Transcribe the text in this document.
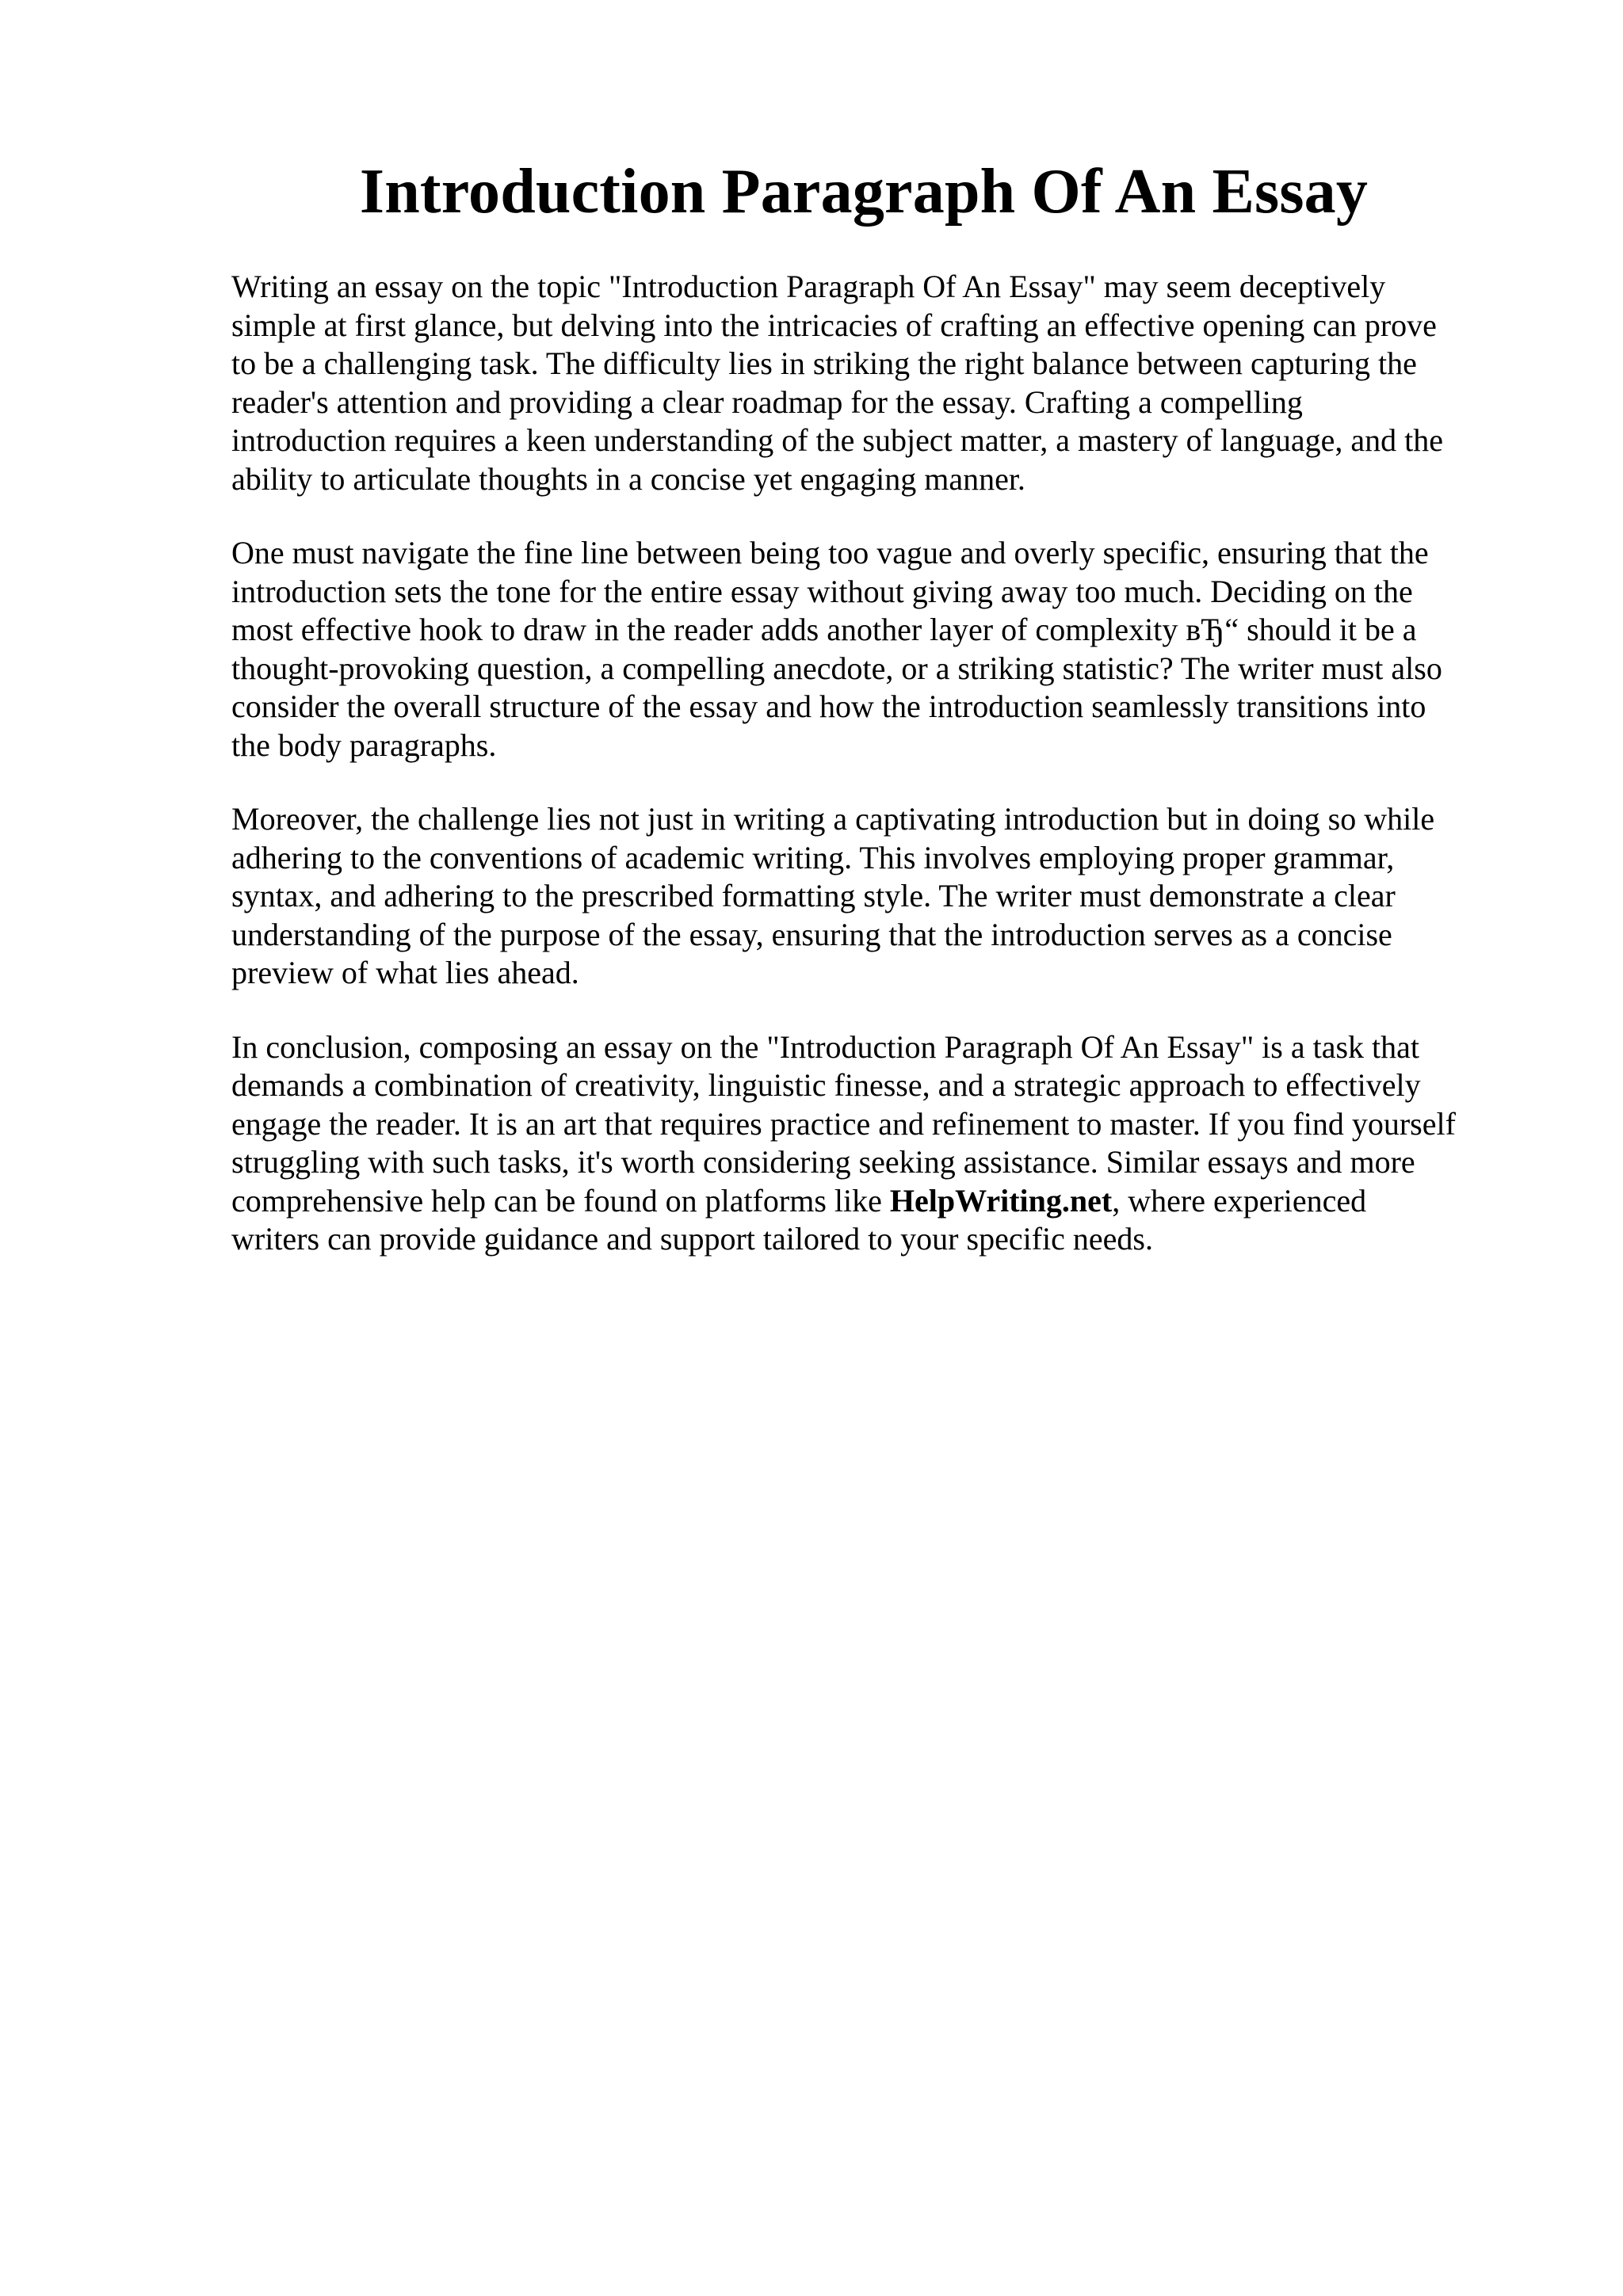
Introduction Paragraph Of An Essay

Writing an essay on the topic "Introduction Paragraph Of An Essay" may seem deceptively
simple at first glance, but delving into the intricacies of crafting an effective opening can prove
to be a challenging task. The difficulty lies in striking the right balance between capturing the
reader's attention and providing a clear roadmap for the essay. Crafting a compelling
introduction requires a keen understanding of the subject matter, a mastery of language, and the
ability to articulate thoughts in a concise yet engaging manner.

One must navigate the fine line between being too vague and overly specific, ensuring that the
introduction sets the tone for the entire essay without giving away too much. Deciding on the
most effective hook to draw in the reader adds another layer of complexity вЂ“ should it be a
thought-provoking question, a compelling anecdote, or a striking statistic? The writer must also
consider the overall structure of the essay and how the introduction seamlessly transitions into
the body paragraphs.

Moreover, the challenge lies not just in writing a captivating introduction but in doing so while
adhering to the conventions of academic writing. This involves employing proper grammar,
syntax, and adhering to the prescribed formatting style. The writer must demonstrate a clear
understanding of the purpose of the essay, ensuring that the introduction serves as a concise
preview of what lies ahead.

In conclusion, composing an essay on the "Introduction Paragraph Of An Essay" is a task that
demands a combination of creativity, linguistic finesse, and a strategic approach to effectively
engage the reader. It is an art that requires practice and refinement to master. If you find yourself
struggling with such tasks, it's worth considering seeking assistance. Similar essays and more
comprehensive help can be found on platforms like HelpWriting.net, where experienced
writers can provide guidance and support tailored to your specific needs.
